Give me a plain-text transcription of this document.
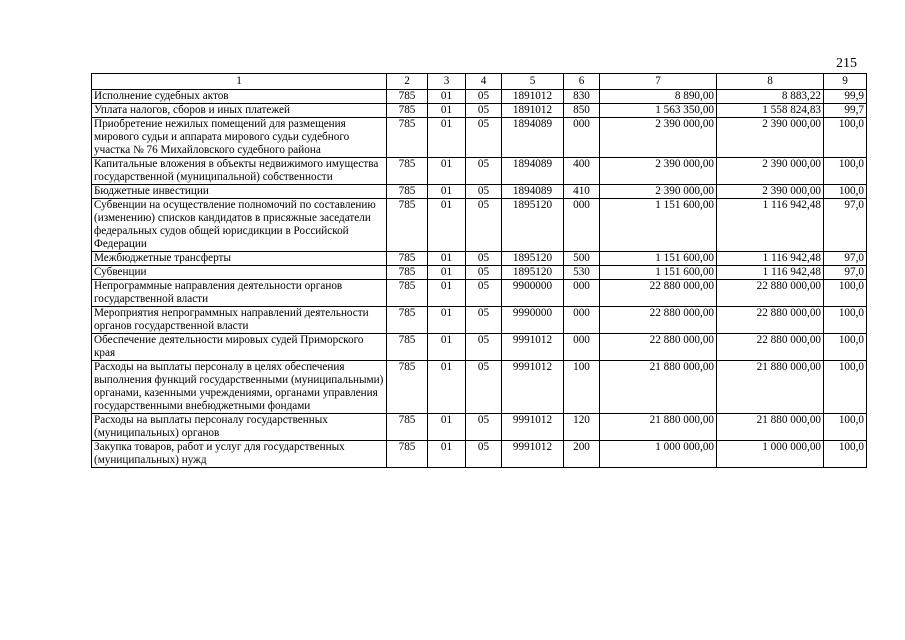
215
1	2	3	4	5	6	7	8	9
Исполнение судебных актов	785	01	05	1891012	830	8 890,00	8 883,22	99,9
Уплата налогов, сборов и иных платежей	785	01	05	1891012	850	1 563 350,00	1 558 824,83	99,7
Приобретение нежилых помещений для размещения мирового судьи и аппарата мирового судьи судебного участка № 76 Михайловского судебного района	785	01	05	1894089	000	2 390 000,00	2 390 000,00	100,0
Капитальные вложения в объекты недвижимого имущества государственной (муниципальной) собственности	785	01	05	1894089	400	2 390 000,00	2 390 000,00	100,0
Бюджетные инвестиции	785	01	05	1894089	410	2 390 000,00	2 390 000,00	100,0
Субвенции на осуществление полномочий по составлению (изменению) списков кандидатов в присяжные заседатели федеральных судов общей юрисдикции в Российской Федерации	785	01	05	1895120	000	1 151 600,00	1 116 942,48	97,0
Межбюджетные трансферты	785	01	05	1895120	500	1 151 600,00	1 116 942,48	97,0
Субвенции	785	01	05	1895120	530	1 151 600,00	1 116 942,48	97,0
Непрограммные направления деятельности органов государственной власти	785	01	05	9900000	000	22 880 000,00	22 880 000,00	100,0
Мероприятия непрограммных направлений деятельности органов государственной власти	785	01	05	9990000	000	22 880 000,00	22 880 000,00	100,0
Обеспечение деятельности мировых судей Приморского края	785	01	05	9991012	000	22 880 000,00	22 880 000,00	100,0
Расходы на выплаты персоналу в целях обеспечения выполнения функций государственными (муниципальными) органами, казенными учреждениями, органами управления государственными внебюджетными фондами	785	01	05	9991012	100	21 880 000,00	21 880 000,00	100,0
Расходы на выплаты персоналу государственных (муниципальных) органов	785	01	05	9991012	120	21 880 000,00	21 880 000,00	100,0
Закупка товаров, работ и услуг для государственных (муниципальных) нужд	785	01	05	9991012	200	1 000 000,00	1 000 000,00	100,0
